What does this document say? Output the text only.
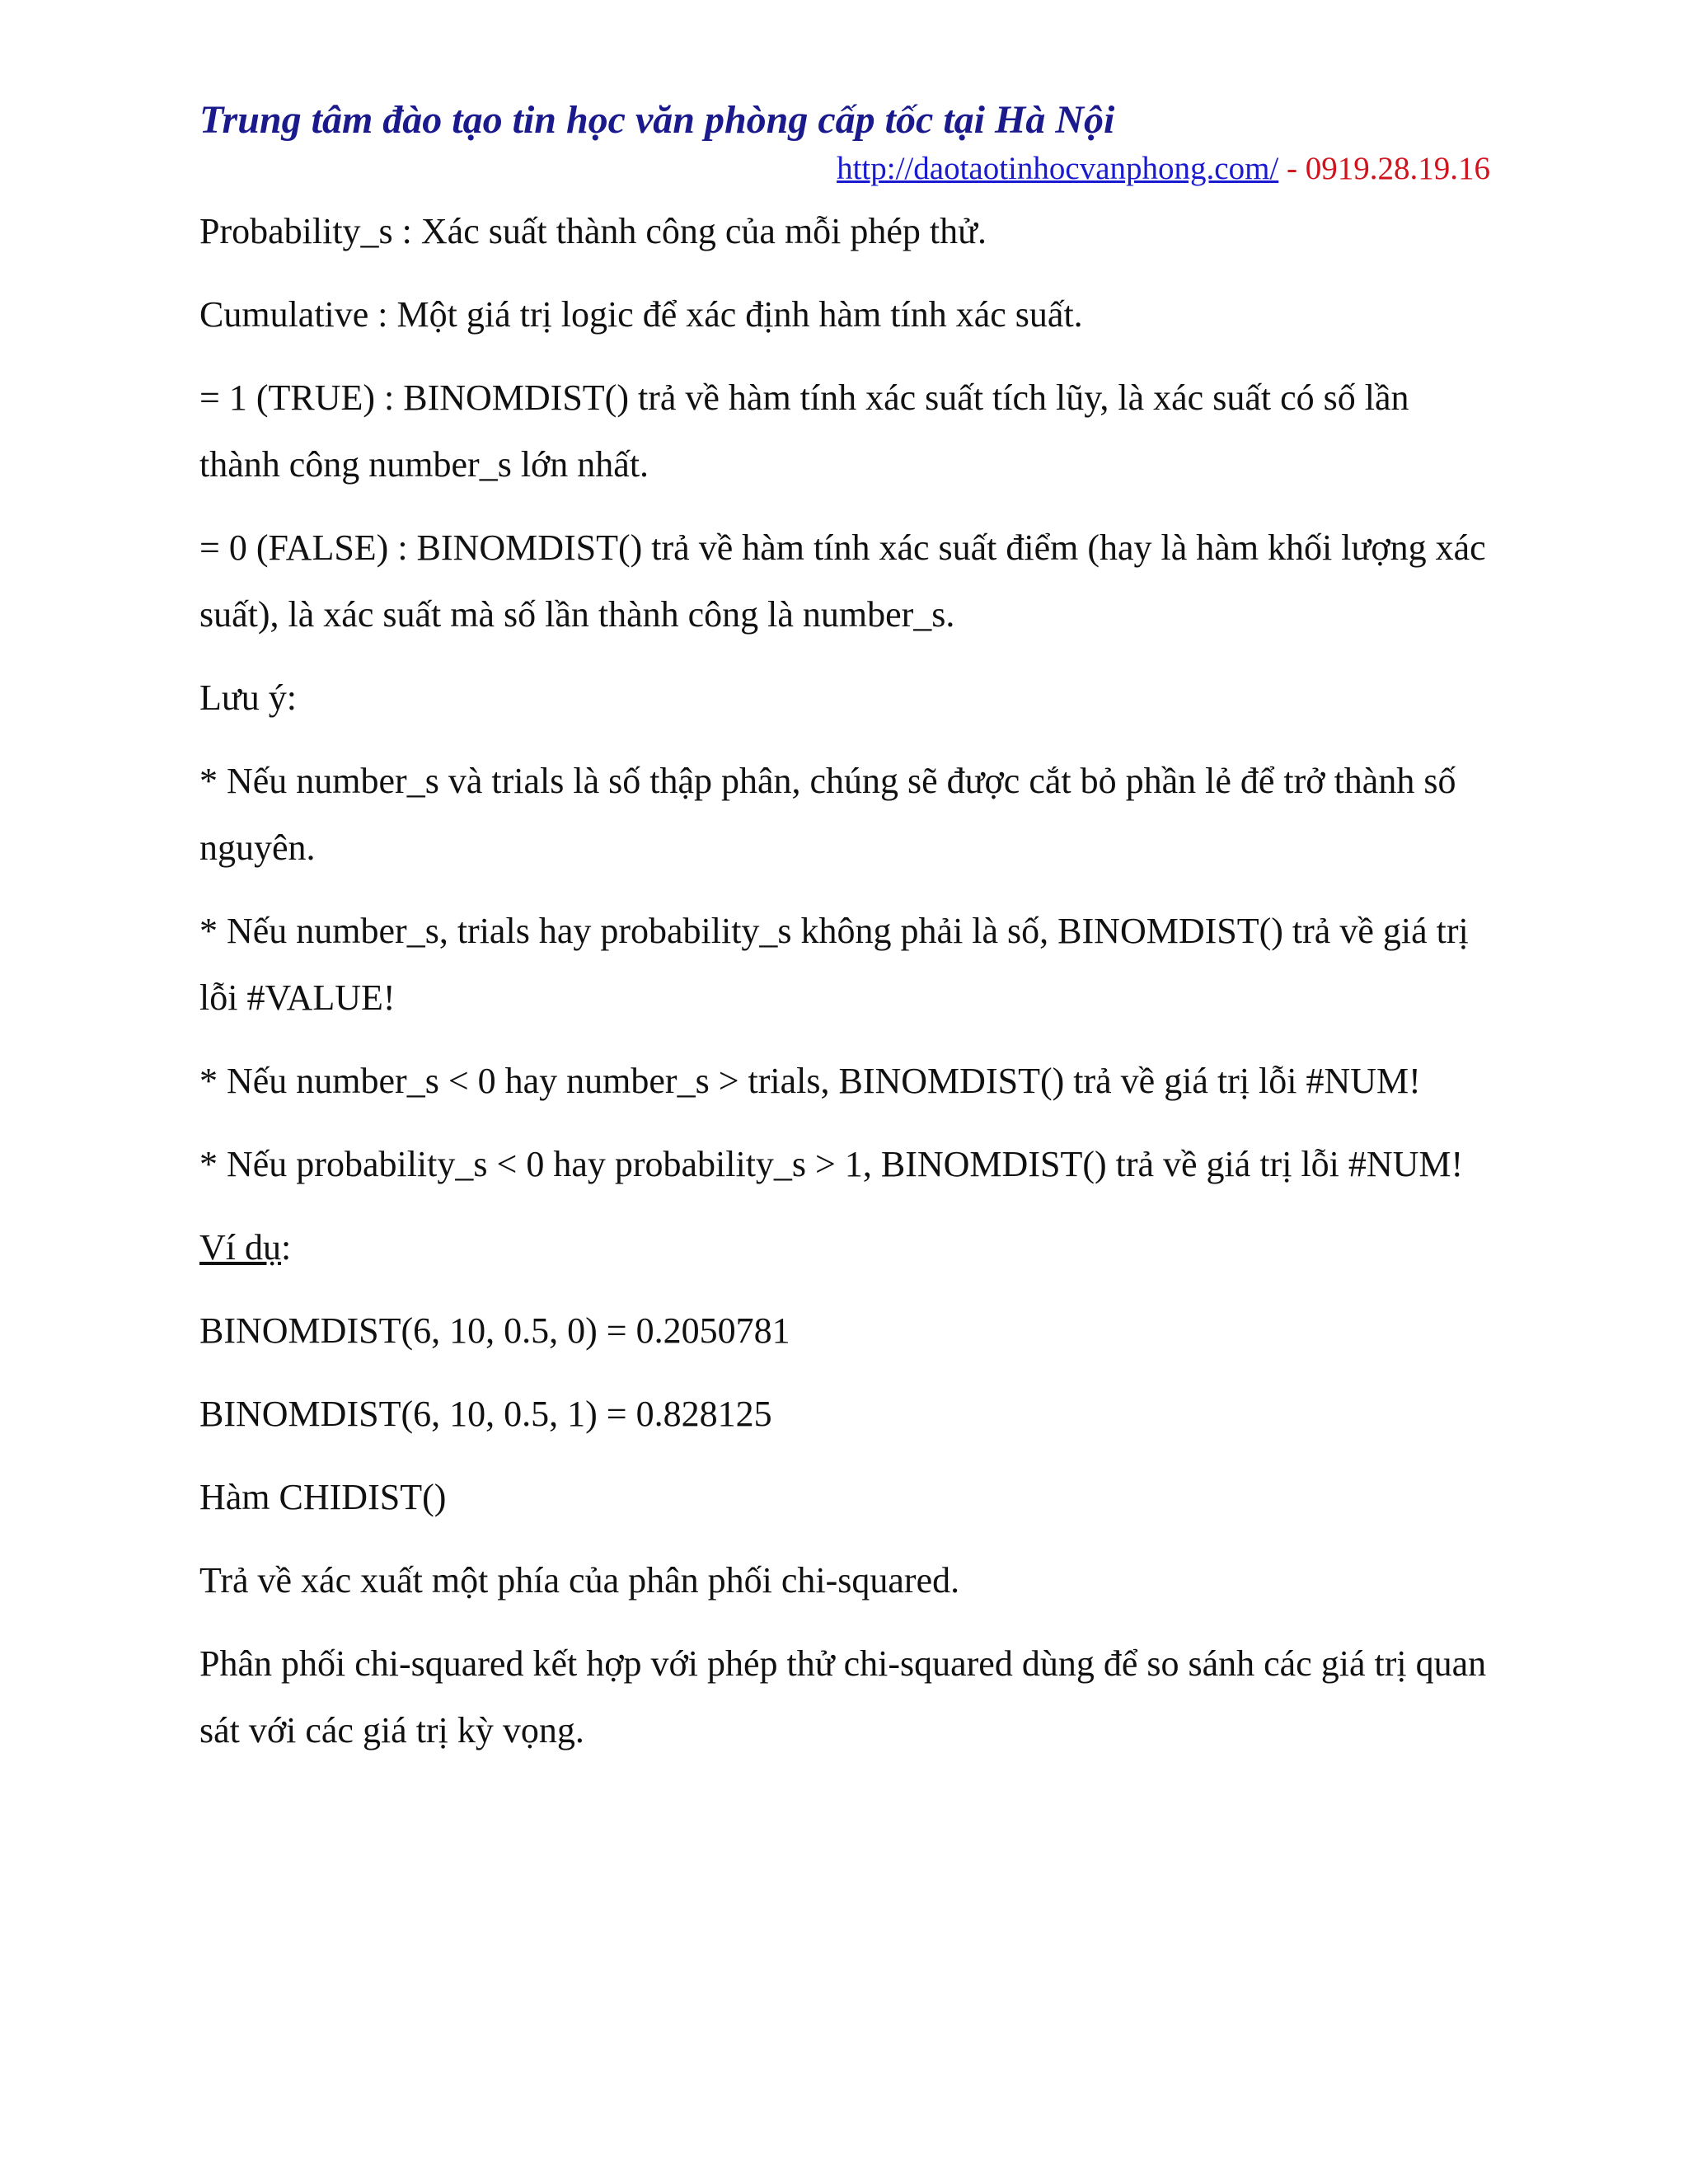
Trung tâm đào tạo tin học văn phòng cấp tốc tại Hà Nội
http://daotaotinhocvanphong.com/ - 0919.28.19.16

Probability_s : Xác suất thành công của mỗi phép thử.

Cumulative : Một giá trị logic để xác định hàm tính xác suất.

= 1 (TRUE) : BINOMDIST() trả về hàm tính xác suất tích lũy, là xác suất có số lần thành công number_s lớn nhất.

= 0 (FALSE) : BINOMDIST() trả về hàm tính xác suất điểm (hay là hàm khối lượng xác suất), là xác suất mà số lần thành công là number_s.

Lưu ý:

* Nếu number_s và trials là số thập phân, chúng sẽ được cắt bỏ phần lẻ để trở thành số nguyên.

* Nếu number_s, trials hay probability_s không phải là số, BINOMDIST() trả về giá trị lỗi #VALUE!

* Nếu number_s < 0 hay number_s > trials, BINOMDIST() trả về giá trị lỗi #NUM!

* Nếu probability_s < 0 hay probability_s > 1, BINOMDIST() trả về giá trị lỗi #NUM!

Ví dụ:

BINOMDIST(6, 10, 0.5, 0) = 0.2050781

BINOMDIST(6, 10, 0.5, 1) = 0.828125

Hàm CHIDIST()

Trả về xác xuất một phía của phân phối chi-squared.

Phân phối chi-squared kết hợp với phép thử chi-squared dùng để so sánh các giá trị quan sát với các giá trị kỳ vọng.
